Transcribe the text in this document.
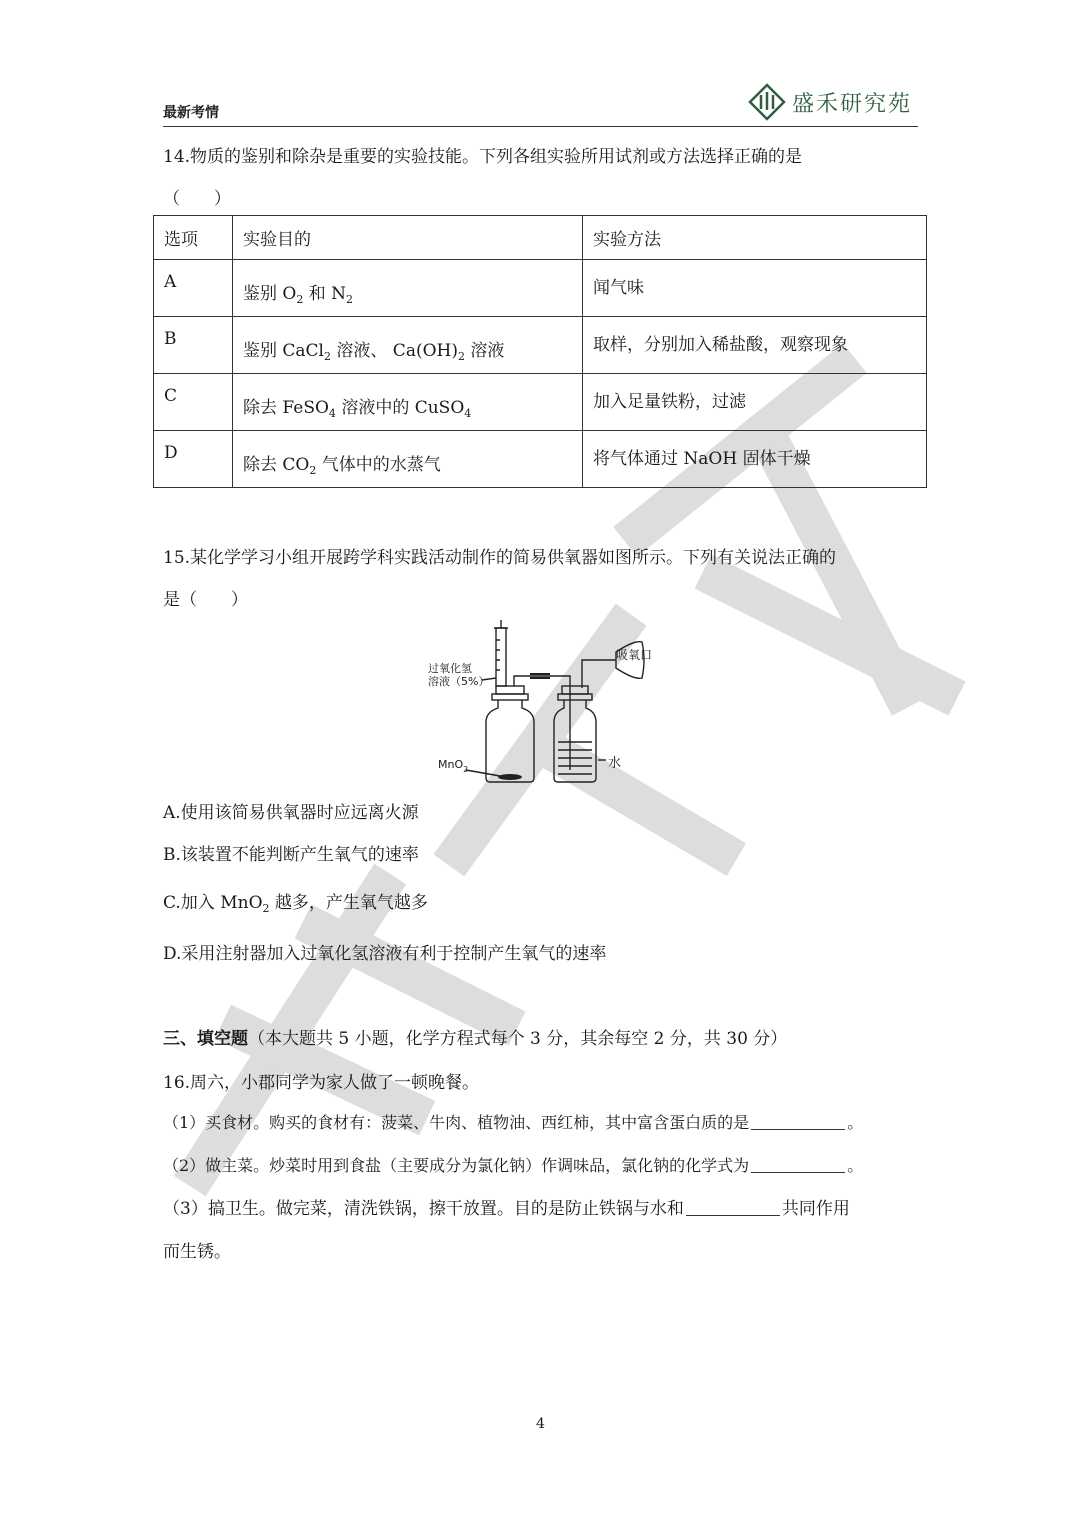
最新考情	盛禾研究苑
14.物质的鉴别和除杂是重要的实验技能。下列各组实验所用试剂或方法选择正确的是
（　　）
选项	实验目的	实验方法

A	鉴别 $O_2$ 和 $N_2$	闻气味

B	鉴别 CaCl$_2$ 溶液、 $Ca(OH)_2$ 溶液	取样，分别加入稀盐酸，观察现象

C	除去 FeSO$_4$ 溶液中的 CuSO$_4$	加入足量铁粉，过滤

D	除去 $CO_2$ 气体中的水蒸气	将气体通过 NaOH 固体干燥
15.某化学学习小组开展跨学科实践活动制作的简易供氧器如图所示。下列有关说法正确的
是（　　）
过氧化氢
溶液（5%）
吸氧口
MnO$_2$	水
A.使用该简易供氧器时应远离火源
B.该装置不能判断产生氧气的速率
C.加入 MnO$_2$ 越多，产生氧气越多
D.采用注射器加入过氧化氢溶液有利于控制产生氧气的速率
三、填空题（本大题共 5 小题，化学方程式每个 3 分，其余每空 2 分，共 30 分）
16.周六，小郡同学为家人做了一顿晚餐。
（1）买食材。购买的食材有：菠菜、牛肉、植物油、西红柿，其中富含蛋白质的是	。
（2）做主菜。炒菜时用到食盐（主要成分为氯化钠）作调味品，氯化钠的化学式为	。
（3）搞卫生。做完菜，清洗铁锅，擦干放置。目的是防止铁锅与水和	共同作用
而生锈。
4
